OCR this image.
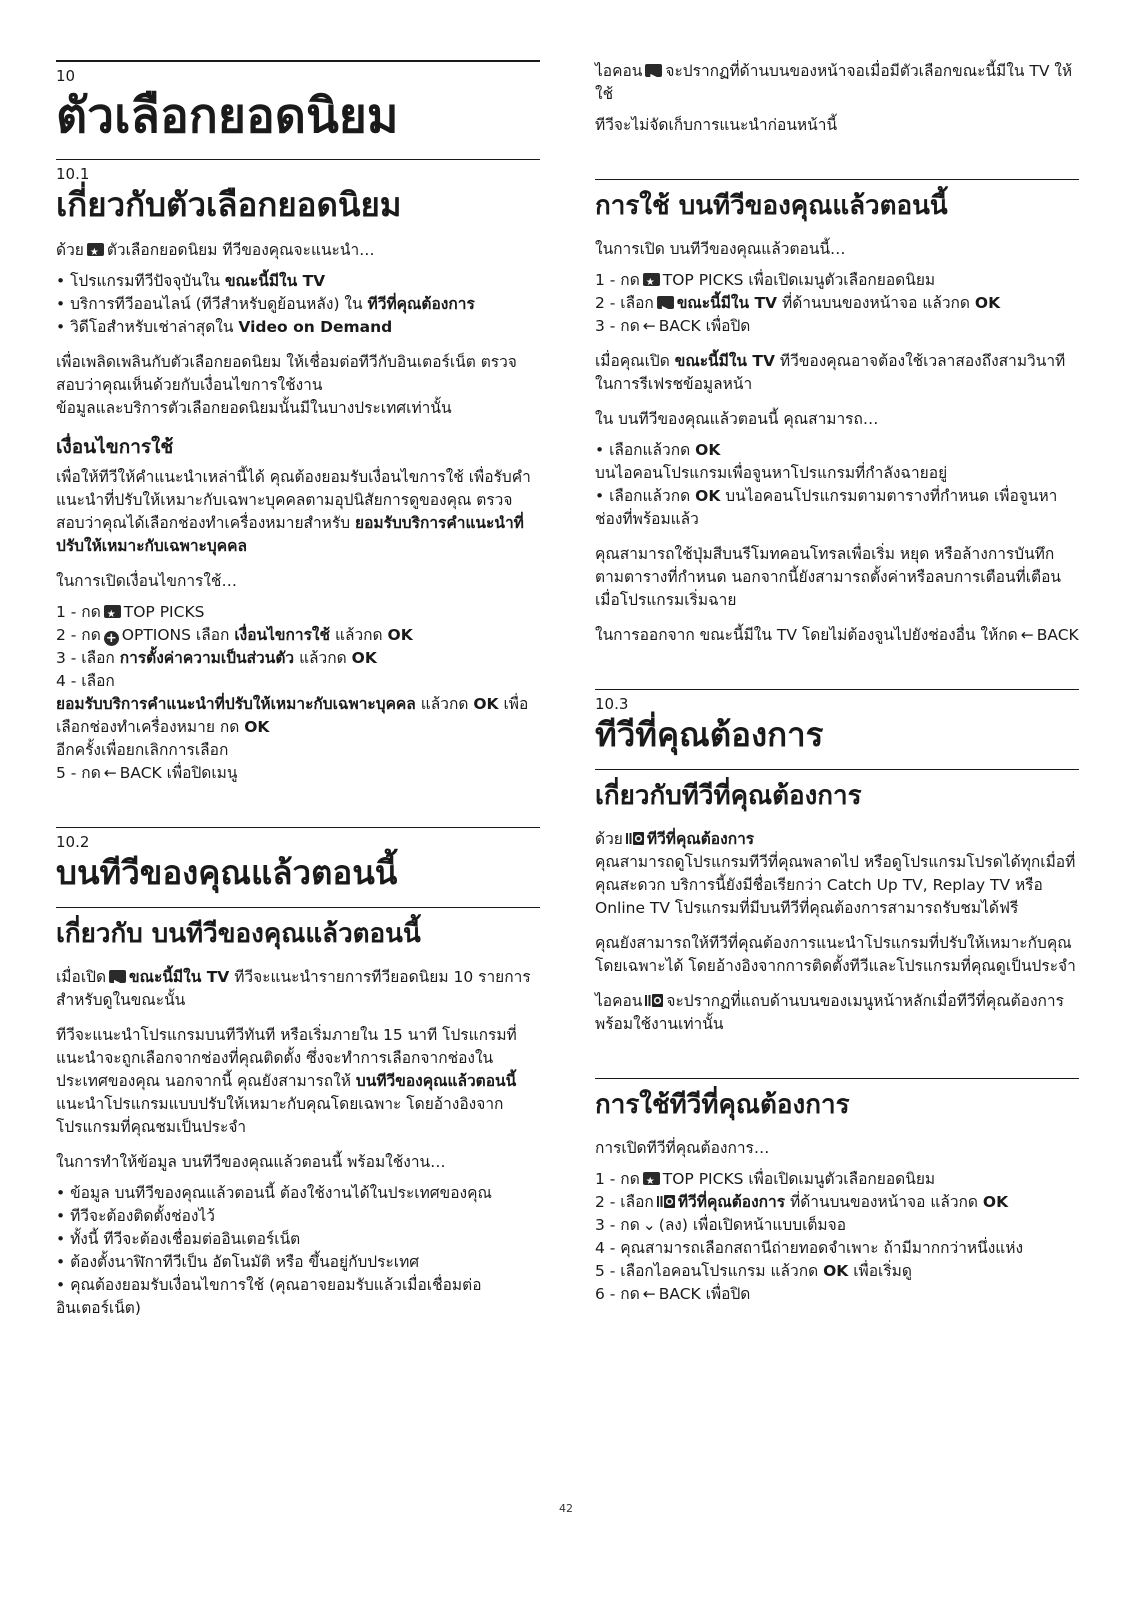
10
ตัวเลือกยอดนิยม
10.1
เกี่ยวกับตัวเลือกยอดนิยม

ด้วย ★ ตัวเลือกยอดนิยม ทีวีของคุณจะแนะนำ…

• โปรแกรมทีวีปัจจุบันใน ขณะนี้มีใน TV

• บริการทีวีออนไลน์ (ทีวีสำหรับดูย้อนหลัง) ใน ทีวีที่คุณต้องการ

• วิดีโอสำหรับเช่าล่าสุดใน Video on Demand

เพื่อเพลิดเพลินกับตัวเลือกยอดนิยม ให้เชื่อมต่อทีวีกับอินเตอร์เน็ต ตรวจสอบว่าคุณเห็นด้วยกับเงื่อนไขการใช้งาน

ข้อมูลและบริการตัวเลือกยอดนิยมนั้นมีในบางประเทศเท่านั้น

เงื่อนไขการใช้

เพื่อให้ทีวีให้คำแนะนำเหล่านี้ได้ คุณต้องยอมรับเงื่อนไขการใช้ เพื่อรับคำแนะนำที่ปรับให้เหมาะกับเฉพาะบุคคลตามอุปนิสัยการดูของคุณ ตรวจสอบว่าคุณได้เลือกช่องทำเครื่องหมายสำหรับ ยอมรับบริการคำแนะนำที่ปรับให้เหมาะกับเฉพาะบุคคล

ในการเปิดเงื่อนไขการใช้…

1 - กด ★ TOP PICKS

2 - กด + OPTIONS เลือก เงื่อนไขการใช้ แล้วกด OK

3 - เลือก การตั้งค่าความเป็นส่วนตัว แล้วกด OK

4 - เลือก
ยอมรับบริการคำแนะนำที่ปรับให้เหมาะกับเฉพาะบุคคล แล้วกด OK เพื่อเลือกช่องทำเครื่องหมาย กด OK
อีกครั้งเพื่อยกเลิกการเลือก

5 - กด ← BACK เพื่อปิดเมนู

10.2
บนทีวีของคุณแล้วตอนนี้
เกี่ยวกับ บนทีวีของคุณแล้วตอนนี้

เมื่อเปิด ▶ ขณะนี้มีใน TV ทีวีจะแนะนำรายการทีวียอดนิยม 10 รายการสำหรับดูในขณะนั้น

ทีวีจะแนะนำโปรแกรมบนทีวีทันที หรือเริ่มภายใน 15 นาที โปรแกรมที่แนะนำจะถูกเลือกจากช่องที่คุณติดตั้ง ซึ่งจะทำการเลือกจากช่องในประเทศของคุณ นอกจากนี้ คุณยังสามารถให้ บนทีวีของคุณแล้วตอนนี้ แนะนำโปรแกรมแบบปรับให้เหมาะกับคุณโดยเฉพาะ โดยอ้างอิงจากโปรแกรมที่คุณชมเป็นประจำ

ในการทำให้ข้อมูล บนทีวีของคุณแล้วตอนนี้ พร้อมใช้งาน…

• ข้อมูล บนทีวีของคุณแล้วตอนนี้ ต้องใช้งานได้ในประเทศของคุณ

• ทีวีจะต้องติดตั้งช่องไว้

• ทั้งนี้ ทีวีจะต้องเชื่อมต่ออินเตอร์เน็ต

• ต้องตั้งนาฬิกาทีวีเป็น อัตโนมัติ หรือ ขึ้นอยู่กับประเทศ

• คุณต้องยอมรับเงื่อนไขการใช้ (คุณอาจยอมรับแล้วเมื่อเชื่อมต่ออินเตอร์เน็ต)

ไอคอน ▶ จะปรากฏที่ด้านบนของหน้าจอเมื่อมีตัวเลือกขณะนี้มีใน TV ให้ใช้

ทีวีจะไม่จัดเก็บการแนะนำก่อนหน้านี้

การใช้ บนทีวีของคุณแล้วตอนนี้

ในการเปิด บนทีวีของคุณแล้วตอนนี้…

1 - กด ★ TOP PICKS เพื่อเปิดเมนูตัวเลือกยอดนิยม

2 - เลือก ▶ ขณะนี้มีใน TV ที่ด้านบนของหน้าจอ แล้วกด OK

3 - กด ← BACK เพื่อปิด

เมื่อคุณเปิด ขณะนี้มีใน TV ทีวีของคุณอาจต้องใช้เวลาสองถึงสามวินาทีในการรีเฟรชข้อมูลหน้า

ใน บนทีวีของคุณแล้วตอนนี้ คุณสามารถ…

• เลือกแล้วกด OK
บนไอคอนโปรแกรมเพื่อจูนหาโปรแกรมที่กำลังฉายอยู่

• เลือกแล้วกด OK บนไอคอนโปรแกรมตามตารางที่กำหนด เพื่อจูนหาช่องที่พร้อมแล้ว

คุณสามารถใช้ปุ่มสีบนรีโมทคอนโทรลเพื่อเริ่ม หยุด หรือล้างการบันทึกตามตารางที่กำหนด นอกจากนี้ยังสามารถตั้งค่าหรือลบการเตือนที่เตือนเมื่อโปรแกรมเริ่มฉาย

ในการออกจาก ขณะนี้มีใน TV โดยไม่ต้องจูนไปยังช่องอื่น ให้กด ← BACK

10.3
ทีวีที่คุณต้องการ
เกี่ยวกับทีวีที่คุณต้องการ

ด้วย ทีวีที่คุณต้องการ
คุณสามารถดูโปรแกรมทีวีที่คุณพลาดไป หรือดูโปรแกรมโปรดได้ทุกเมื่อที่คุณสะดวก บริการนี้ยังมีชื่อเรียกว่า Catch Up TV, Replay TV หรือ Online TV โปรแกรมที่มีบนทีวีที่คุณต้องการสามารถรับชมได้ฟรี

คุณยังสามารถให้ทีวีที่คุณต้องการแนะนำโปรแกรมที่ปรับให้เหมาะกับคุณโดยเฉพาะได้ โดยอ้างอิงจากการติดตั้งทีวีและโปรแกรมที่คุณดูเป็นประจำ

ไอคอน จะปรากฏที่แถบด้านบนของเมนูหน้าหลักเมื่อทีวีที่คุณต้องการพร้อมใช้งานเท่านั้น

การใช้ทีวีที่คุณต้องการ

การเปิดทีวีที่คุณต้องการ…

1 - กด ★ TOP PICKS เพื่อเปิดเมนูตัวเลือกยอดนิยม

2 - เลือก ทีวีที่คุณต้องการ ที่ด้านบนของหน้าจอ แล้วกด OK

3 - กด ⌄ (ลง) เพื่อเปิดหน้าแบบเต็มจอ

4 - คุณสามารถเลือกสถานีถ่ายทอดจำเพาะ ถ้ามีมากกว่าหนึ่งแห่ง

5 - เลือกไอคอนโปรแกรม แล้วกด OK เพื่อเริ่มดู

6 - กด ← BACK เพื่อปิด

42
